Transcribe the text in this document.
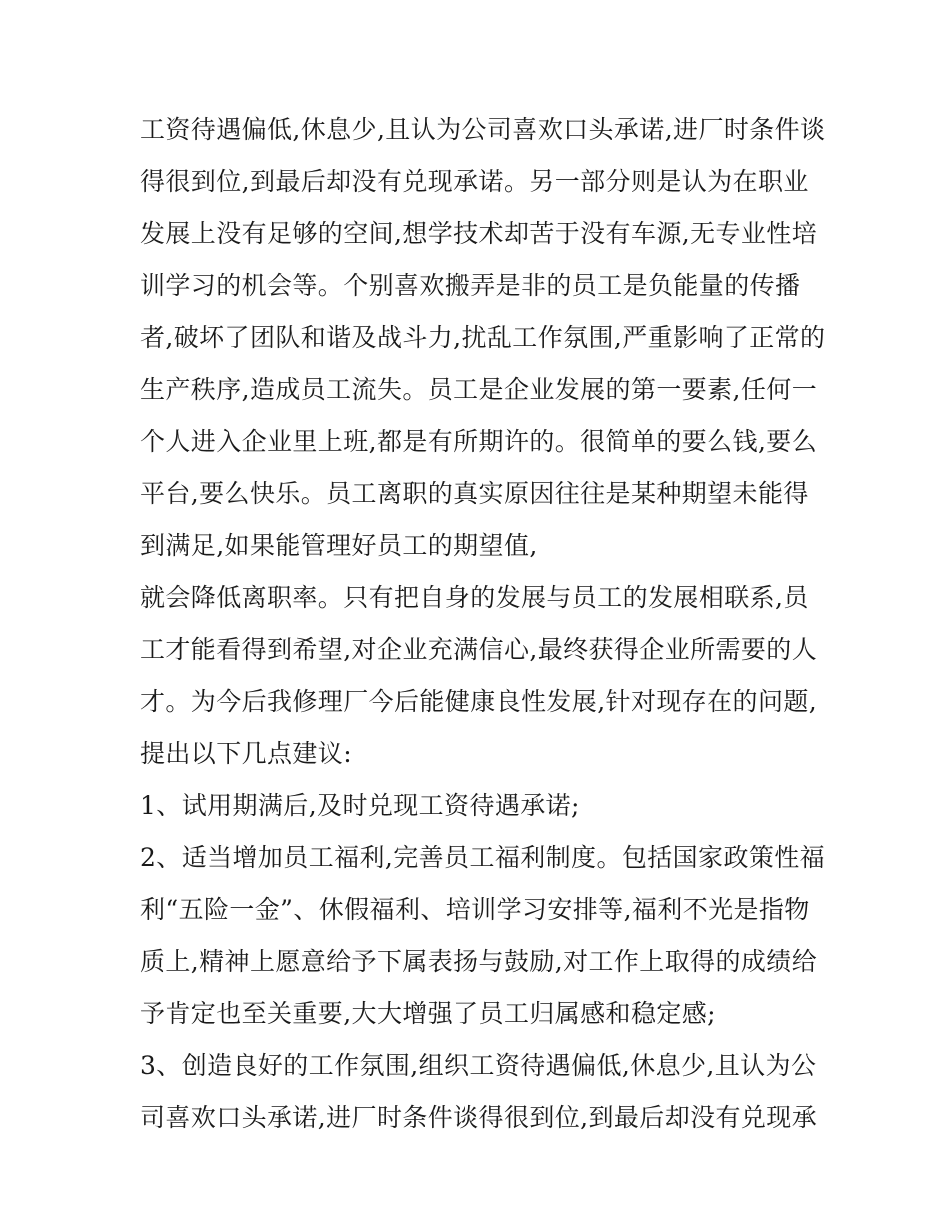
工资待遇偏低,休息少,且认为公司喜欢口头承诺,进厂时条件谈
得很到位,到最后却没有兑现承诺。另一部分则是认为在职业
发展上没有足够的空间,想学技术却苦于没有车源,无专业性培
训学习的机会等。个别喜欢搬弄是非的员工是负能量的传播
者,破坏了团队和谐及战斗力,扰乱工作氛围,严重影响了正常的
生产秩序,造成员工流失。员工是企业发展的第一要素,任何一
个人进入企业里上班,都是有所期许的。很简单的要么钱,要么
平台,要么快乐。员工离职的真实原因往往是某种期望未能得
到满足,如果能管理好员工的期望值,
就会降低离职率。只有把自身的发展与员工的发展相联系,员
工才能看得到希望,对企业充满信心,最终获得企业所需要的人
才。为今后我修理厂今后能健康良性发展,针对现存在的问题,
提出以下几点建议:
1、试用期满后,及时兑现工资待遇承诺;
2、适当增加员工福利,完善员工福利制度。包括国家政策性福
利“五险一金”、休假福利、培训学习安排等,福利不光是指物
质上,精神上愿意给予下属表扬与鼓励,对工作上取得的成绩给
予肯定也至关重要,大大增强了员工归属感和稳定感;
3、创造良好的工作氛围,组织工资待遇偏低,休息少,且认为公
司喜欢口头承诺,进厂时条件谈得很到位,到最后却没有兑现承
